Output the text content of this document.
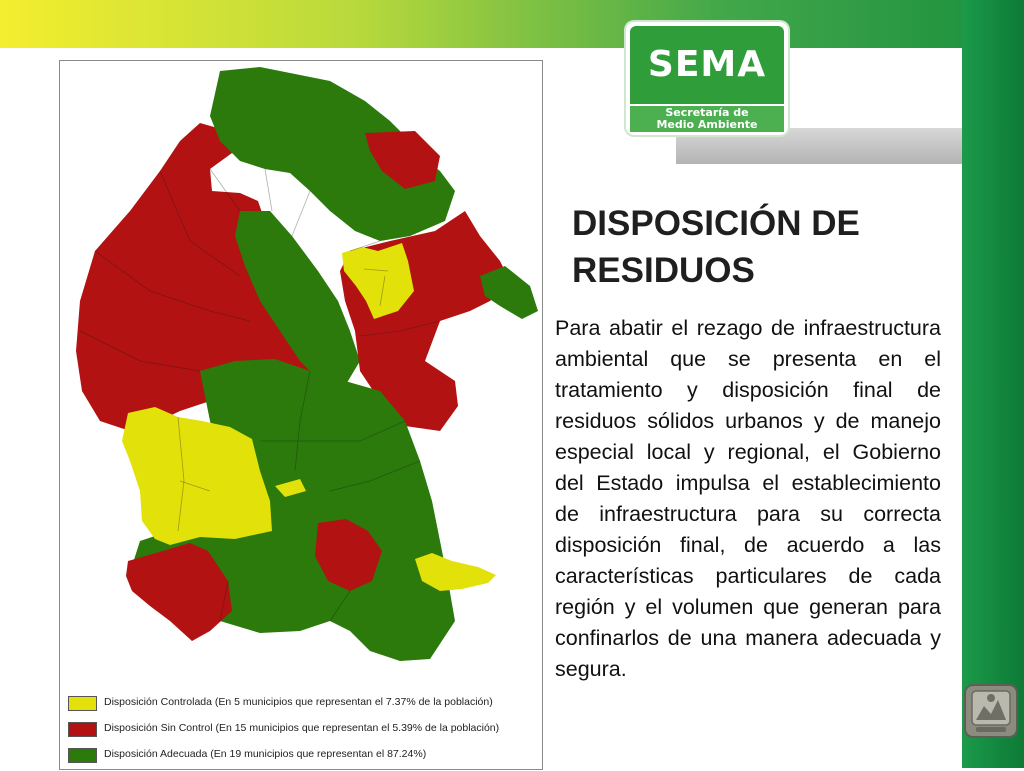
SEMA
Secretaría de
Medio Ambiente
Disposición Controlada (En 5 municipios que representan el 7.37% de la población)
Disposición Sin Control (En 15 municipios que representan el 5.39% de la población)
Disposición Adecuada (En 19 municipios que representan el 87.24%)
DISPOSICIÓN DE RESIDUOS
Para abatir el rezago de infraestructura ambiental que se presenta en el tratamiento y disposición final de residuos sólidos urbanos y de manejo especial local y regional, el Gobierno del Estado impulsa el establecimiento de infraestructura para su correcta disposición final, de acuerdo a las características particulares de cada región y el volumen que generan para confinarlos de una manera adecuada y segura.
